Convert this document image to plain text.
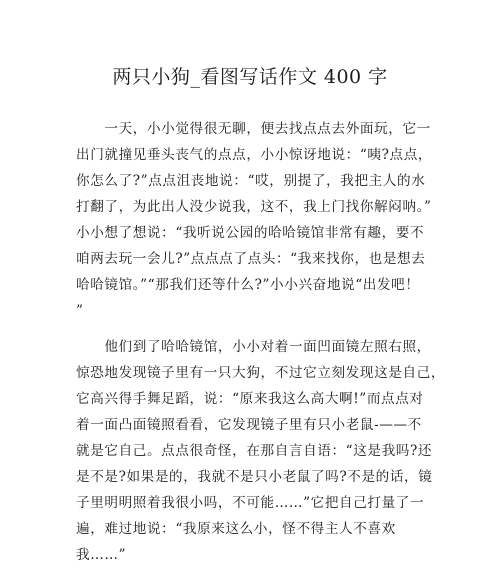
两只小狗_看图写话作文 400 字
　　一天，小小觉得很无聊，便去找点点去外面玩，它一
出门就撞见垂头丧气的点点，小小惊讶地说：“咦?点点，
你怎么了?”点点沮丧地说：“哎，别提了，我把主人的水
打翻了，为此出人没少说我，这不，我上门找你解闷呐。”
小小想了想说：“我听说公园的哈哈镜馆非常有趣，要不
咱两去玩一会儿?”点点点了点头：“我来找你，也是想去
哈哈镜馆。”“那我们还等什么?”小小兴奋地说“出发吧！
”
　　他们到了哈哈镜馆，小小对着一面凹面镜左照右照，
惊恐地发现镜子里有一只大狗，不过它立刻发现这是自己，
它高兴得手舞足蹈，说：“原来我这么高大啊!”而点点对
着一面凸面镜照看看，它发现镜子里有只小老鼠-——不
就是它自己。点点很奇怪，在那自言自语：“这是我吗?还
是不是?如果是的，我就不是只小老鼠了吗?不是的话，镜
子里明明照着我很小吗，不可能……”它把自己打量了一
遍，难过地说：“我原来这么小，怪不得主人不喜欢
我……”
